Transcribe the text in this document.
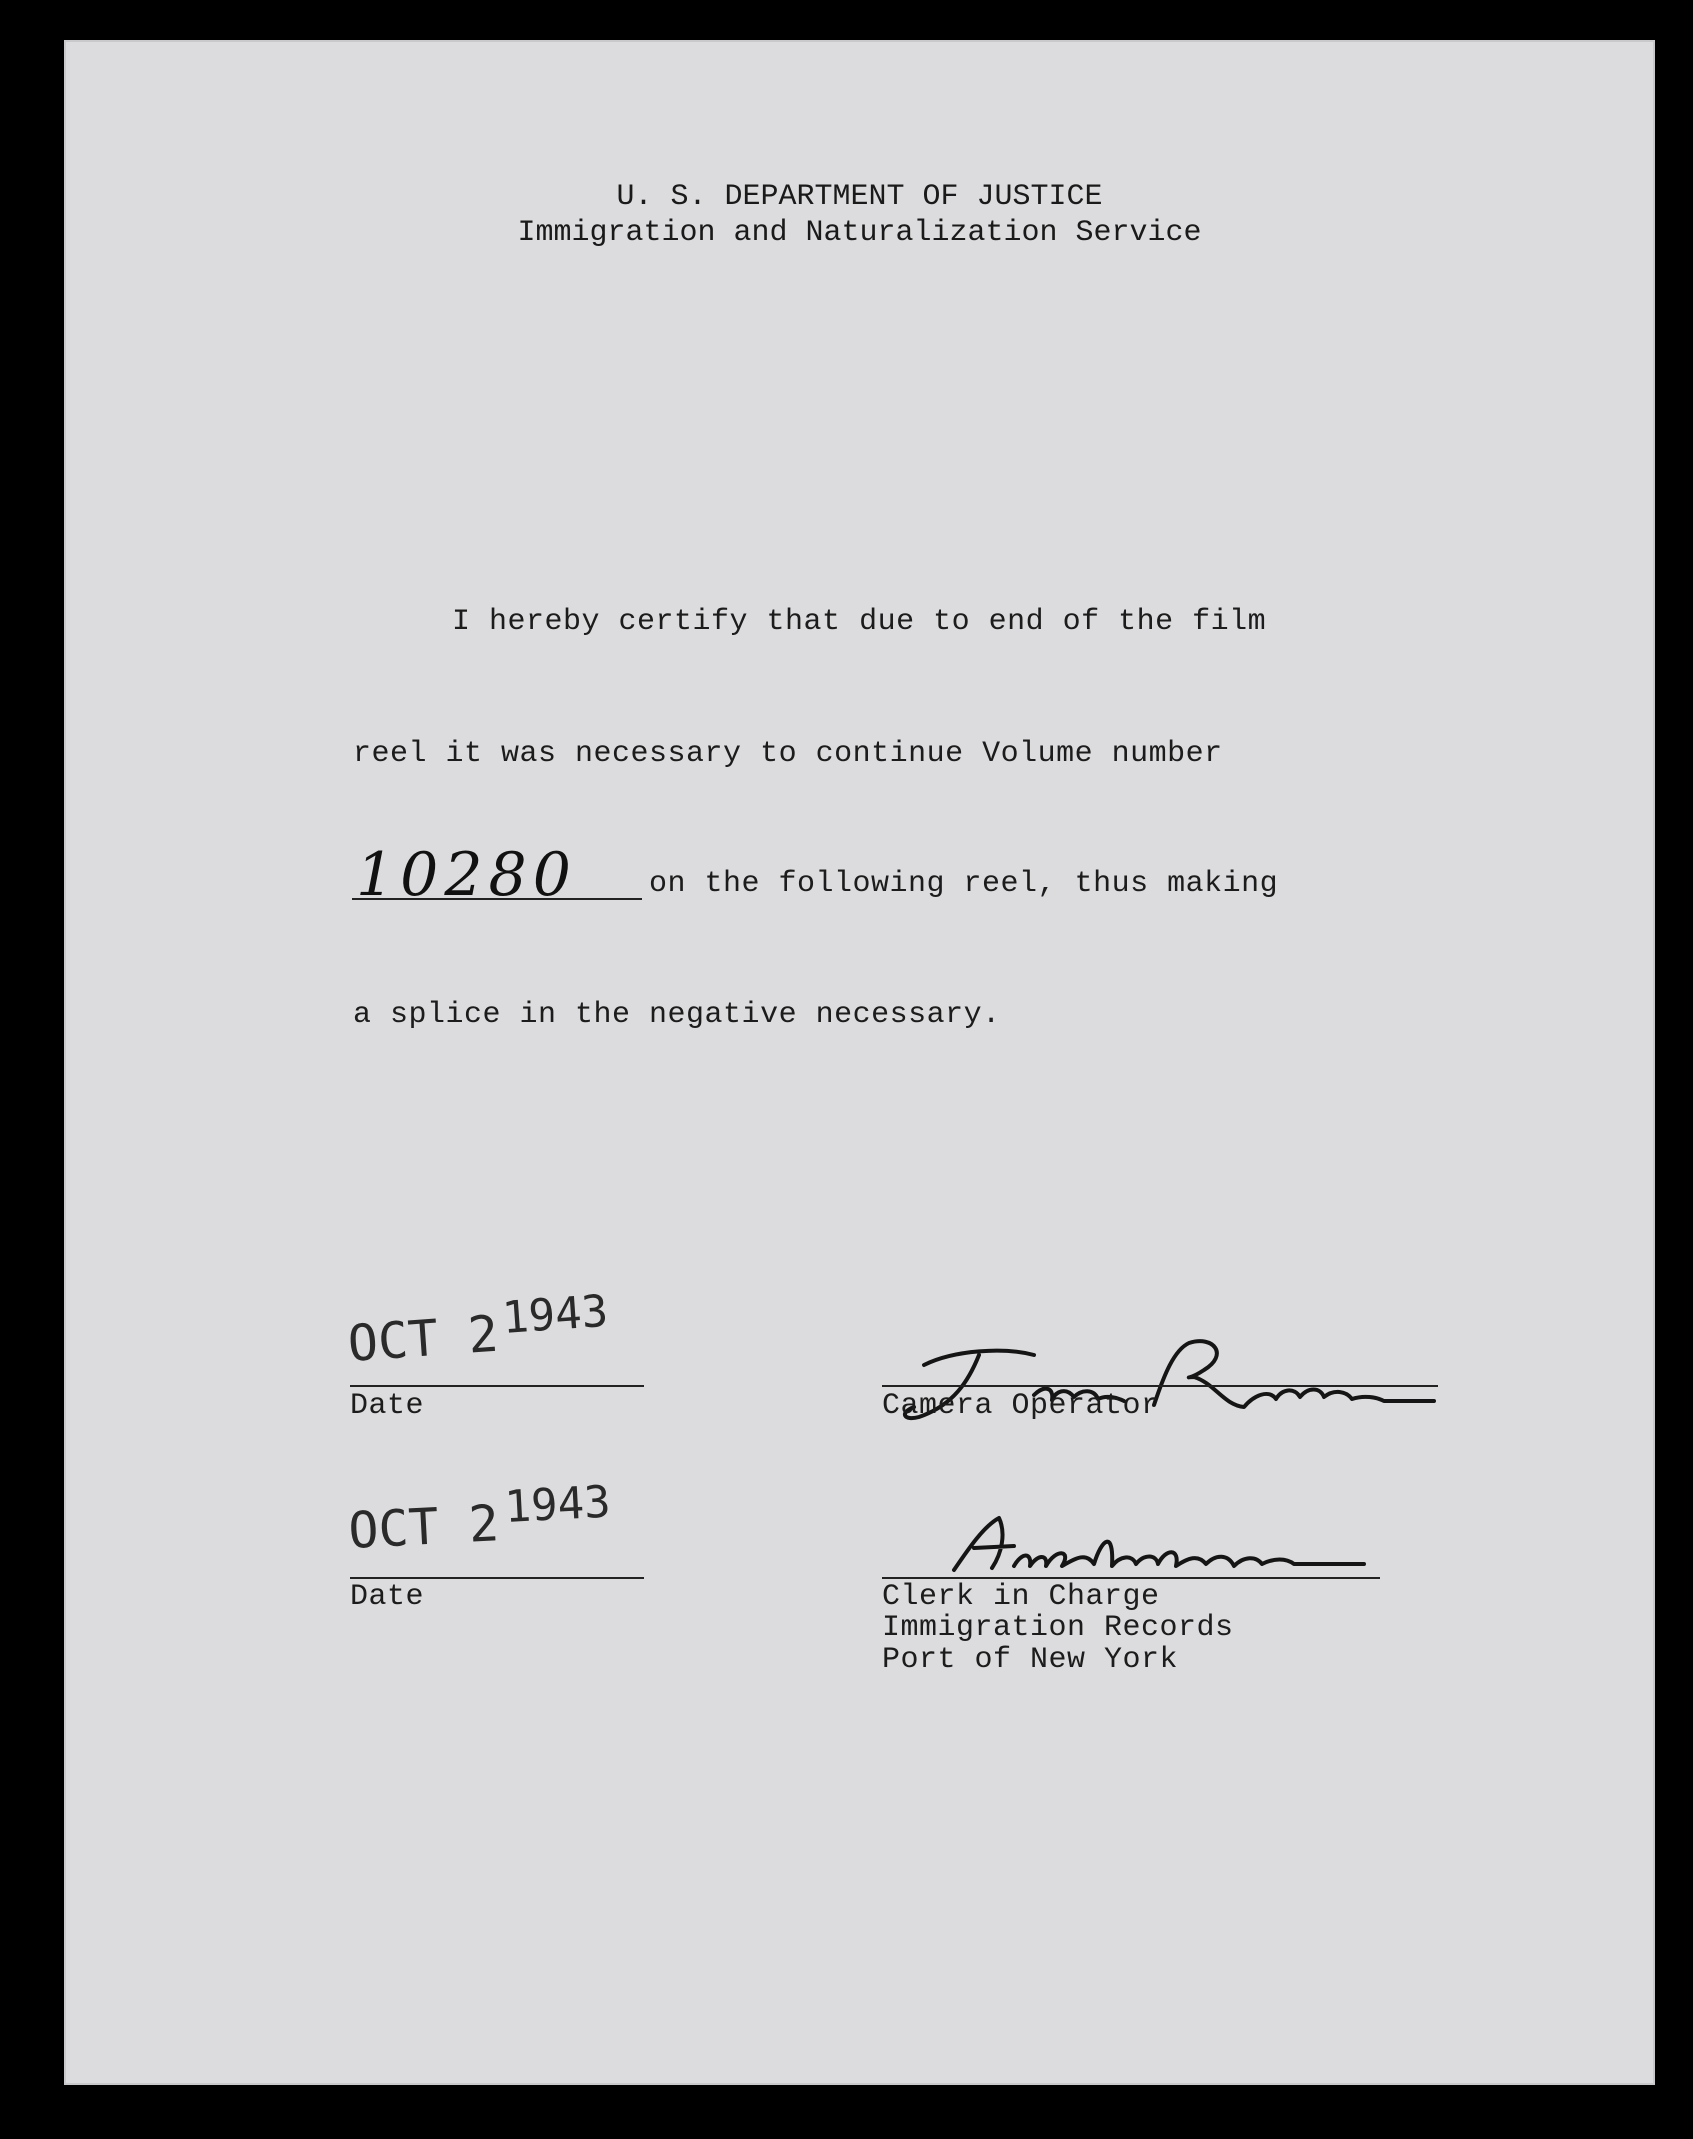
U. S. DEPARTMENT OF JUSTICE
Immigration and Naturalization Service
I hereby certify that due to end of the film
reel it was necessary to continue Volume number
10280 on the following reel, thus making
a splice in the negative necessary.
OCT 2 1943
Date	Camera Operator
OCT 2 1943
Date	Clerk in Charge
Immigration Records
Port of New York
